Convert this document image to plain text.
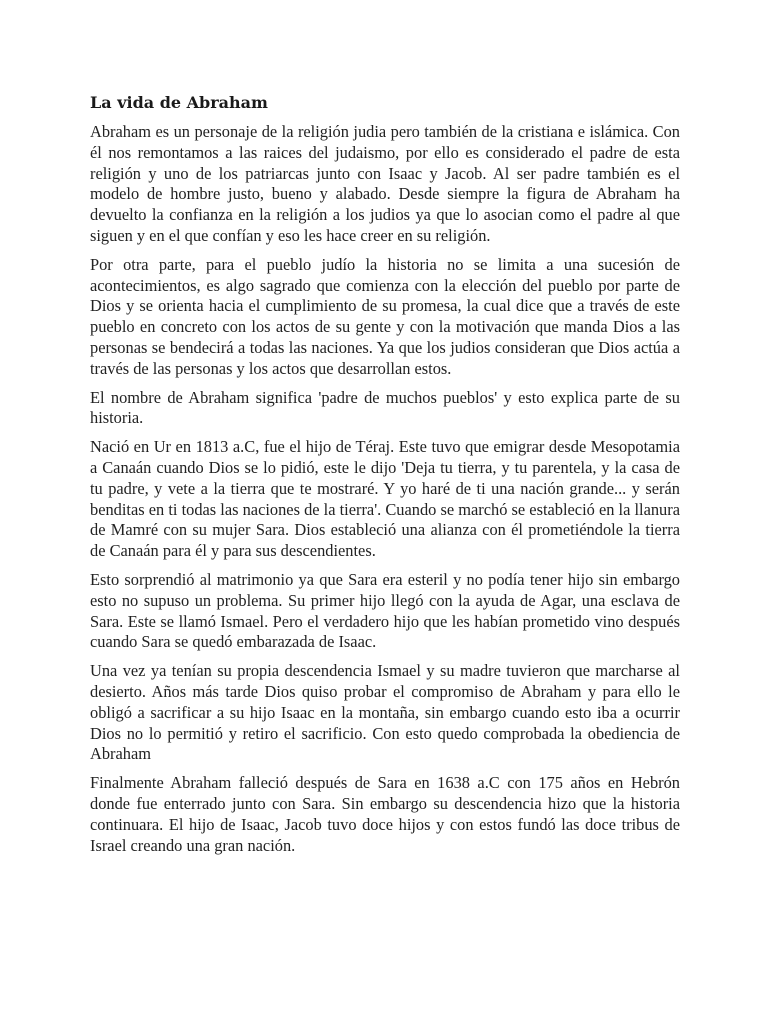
La vida de Abraham

Abraham es un personaje de la religión judia pero también de la cristiana e islámica. Con él nos remontamos a las raices del judaismo, por ello es considerado el padre de esta religión y uno de los patriarcas junto con Isaac y Jacob. Al ser padre también es el modelo de hombre justo, bueno y alabado. Desde siempre la figura de Abraham ha devuelto la confianza en la religión a los judios ya que lo asocian como el padre al que siguen y en el que confían y eso les hace creer en su religión.

Por otra parte, para el pueblo judío la historia no se limita a una sucesión de acontecimientos, es algo sagrado que comienza con la elección del pueblo por parte de Dios y se orienta hacia el cumplimiento de su promesa, la cual dice que a través de este pueblo en concreto con los actos de su gente y con la motivación que manda Dios a las personas se bendecirá a todas las naciones. Ya que los judios consideran que Dios actúa a través de las personas y los actos que desarrollan estos.

El nombre de Abraham significa 'padre de muchos pueblos' y esto explica parte de su historia.

Nació en Ur en 1813 a.C, fue el hijo de Téraj. Este tuvo que emigrar desde Mesopotamia a Canaán cuando Dios se lo pidió, este le dijo 'Deja tu tierra, y tu parentela, y la casa de tu padre, y vete a la tierra que te mostraré. Y yo haré de ti una nación grande... y serán benditas en ti todas las naciones de la tierra'. Cuando se marchó se estableció en la llanura de Mamré con su mujer Sara. Dios estableció una alianza con él prometiéndole la tierra de Canaán para él y para sus descendientes.

Esto sorprendió al matrimonio ya que Sara era esteril y no podía tener hijo sin embargo esto no supuso un problema. Su primer hijo llegó con la ayuda de Agar, una esclava de Sara. Este se llamó Ismael. Pero el verdadero hijo que les habían prometido vino después cuando Sara se quedó embarazada de Isaac.

Una vez ya tenían su propia descendencia Ismael y su madre tuvieron que marcharse al desierto. Años más tarde Dios quiso probar el compromiso de Abraham y para ello le obligó a sacrificar a su hijo Isaac en la montaña, sin embargo cuando esto iba a ocurrir Dios no lo permitió y retiro el sacrificio. Con esto quedo comprobada la obediencia de Abraham

Finalmente Abraham falleció después de Sara en 1638 a.C con 175 años en Hebrón donde fue enterrado junto con Sara. Sin embargo su descendencia hizo que la historia continuara. El hijo de Isaac, Jacob tuvo doce hijos y con estos fundó las doce tribus de Israel creando una gran nación.
